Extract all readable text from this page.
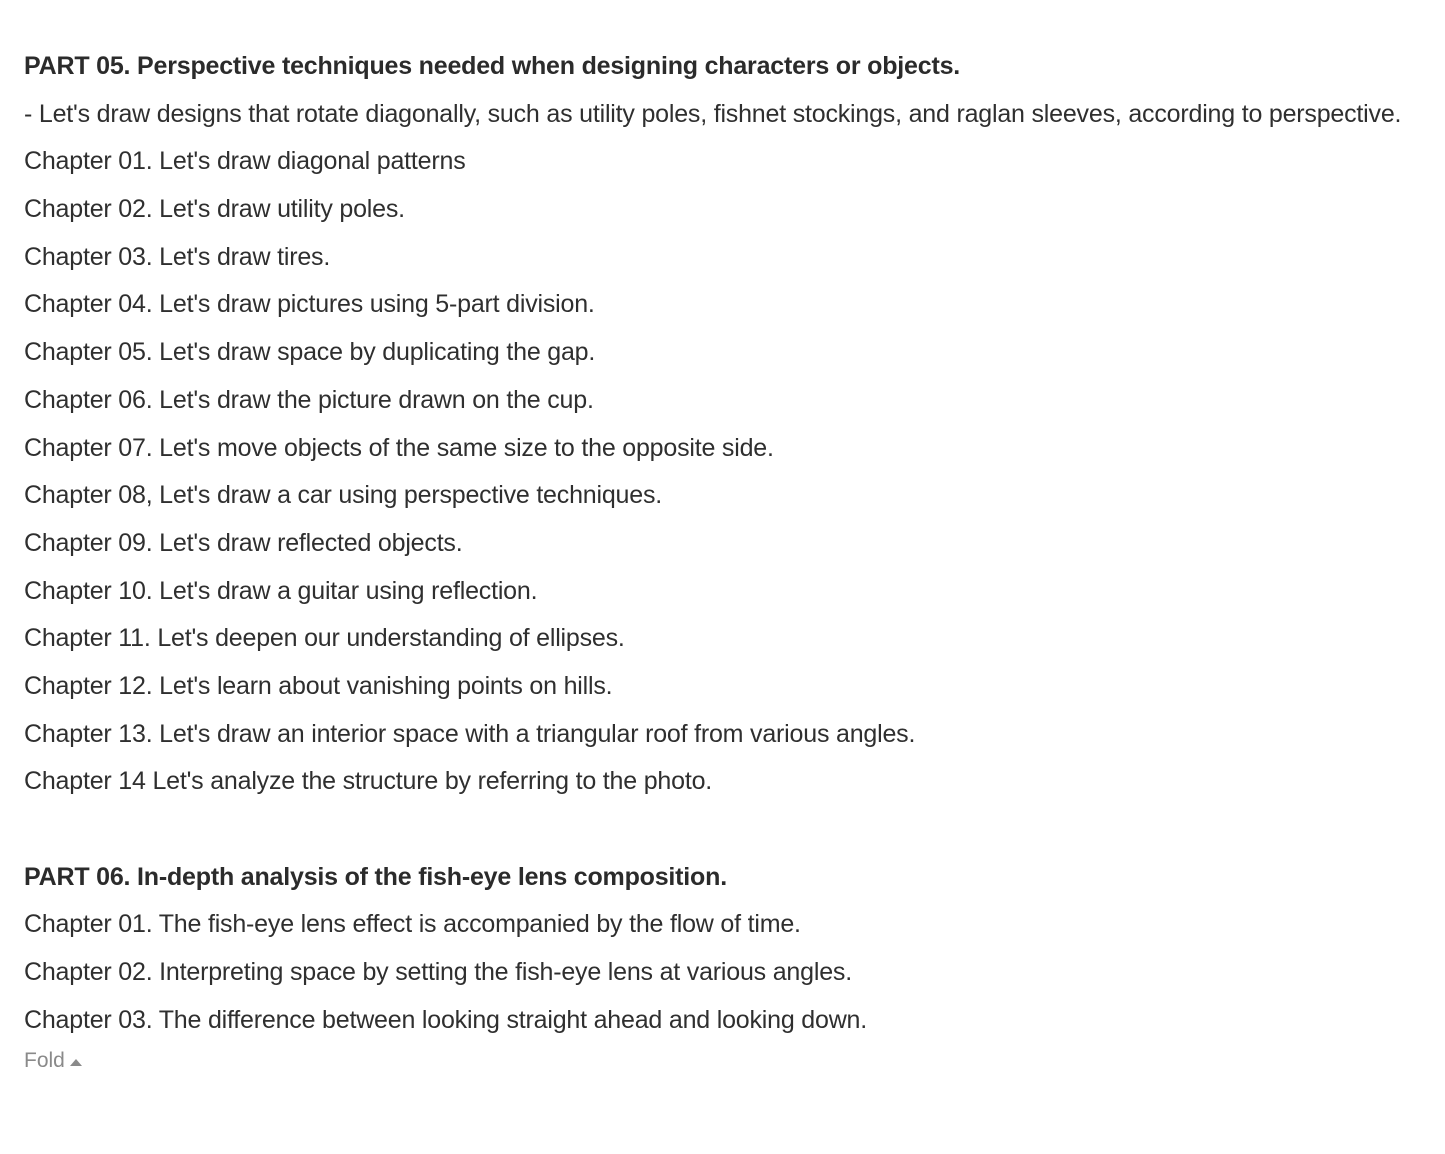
PART 05. Perspective techniques needed when designing characters or objects.
- Let's draw designs that rotate diagonally, such as utility poles, fishnet stockings, and raglan sleeves, according to perspective.
Chapter 01. Let's draw diagonal patterns
Chapter 02. Let's draw utility poles.
Chapter 03. Let's draw tires.
Chapter 04. Let's draw pictures using 5-part division.
Chapter 05. Let's draw space by duplicating the gap.
Chapter 06. Let's draw the picture drawn on the cup.
Chapter 07. Let's move objects of the same size to the opposite side.
Chapter 08, Let's draw a car using perspective techniques.
Chapter 09. Let's draw reflected objects.
Chapter 10. Let's draw a guitar using reflection.
Chapter 11. Let's deepen our understanding of ellipses.
Chapter 12. Let's learn about vanishing points on hills.
Chapter 13. Let's draw an interior space with a triangular roof from various angles.
Chapter 14 Let's analyze the structure by referring to the photo.
PART 06. In-depth analysis of the fish-eye lens composition.
Chapter 01. The fish-eye lens effect is accompanied by the flow of time.
Chapter 02. Interpreting space by setting the fish-eye lens at various angles.
Chapter 03. The difference between looking straight ahead and looking down.
Fold
